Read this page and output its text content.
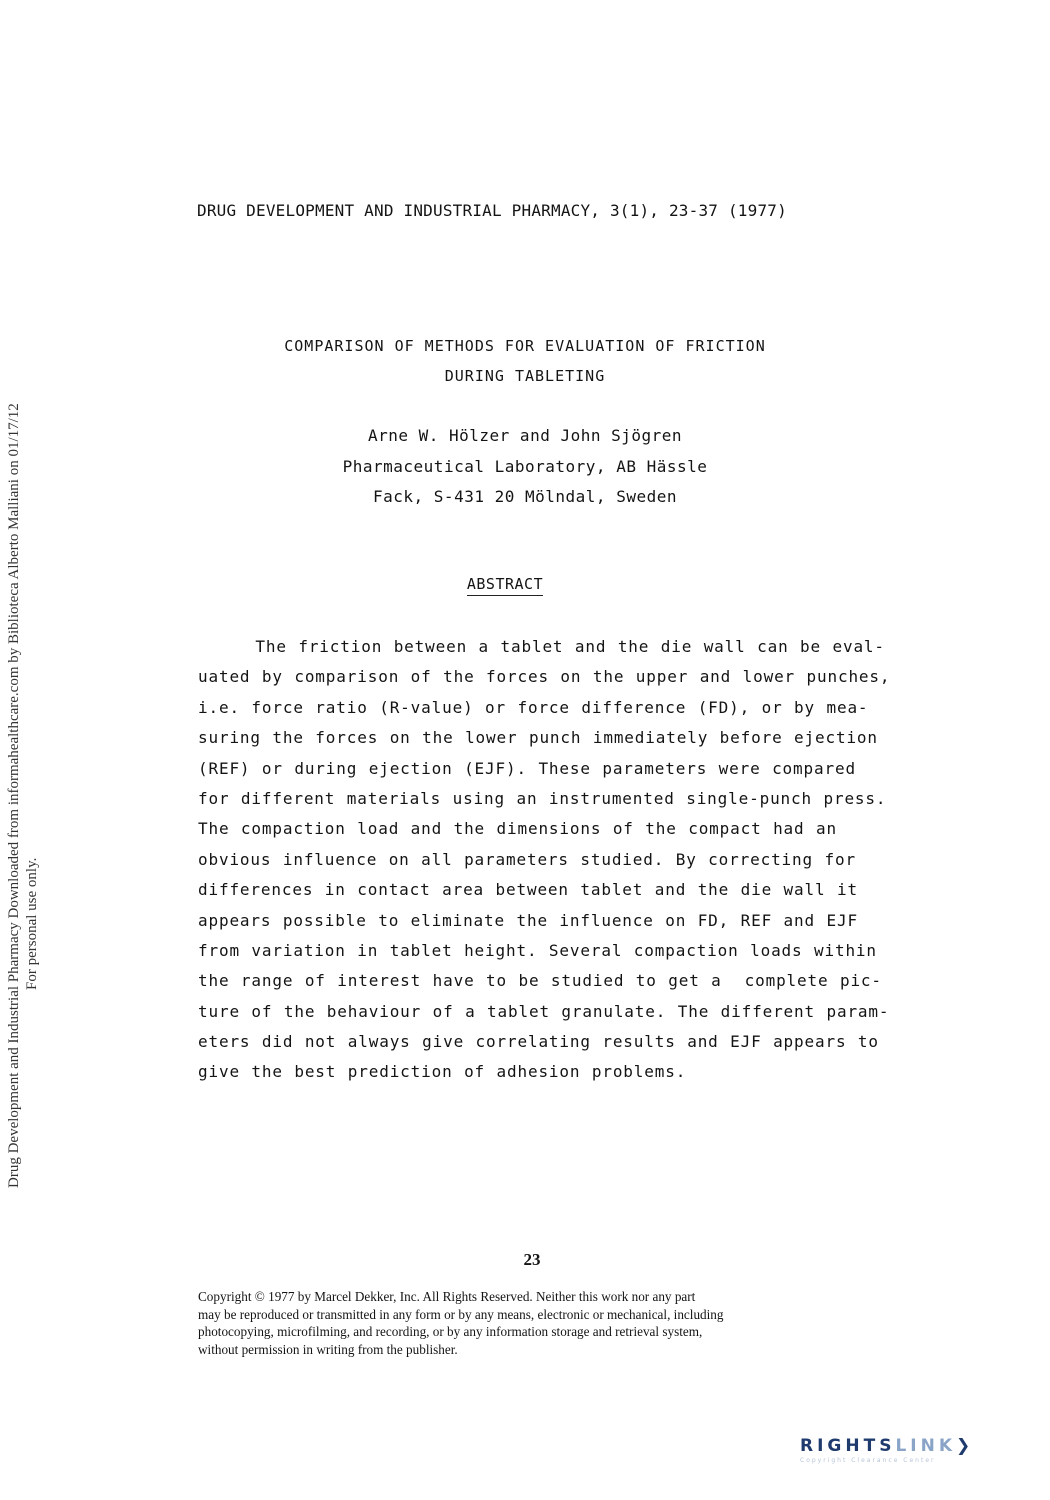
Drug Development and Industrial Pharmacy Downloaded from informahealthcare.com by Biblioteca Alberto Malliani on 01/17/12 For personal use only.
DRUG DEVELOPMENT AND INDUSTRIAL PHARMACY, 3(1), 23-37 (1977)
COMPARISON OF METHODS FOR EVALUATION OF FRICTION
DURING TABLETING
Arne W. Hölzer and John Sjögren
Pharmaceutical Laboratory, AB Hässle
Fack, S-431 20 Mölndal, Sweden
ABSTRACT
The friction between a tablet and the die wall can be eval-
uated by comparison of the forces on the upper and lower punches,
i.e. force ratio (R-value) or force difference (FD), or by mea-
suring the forces on the lower punch immediately before ejection
(REF) or during ejection (EJF). These parameters were compared
for different materials using an instrumented single-punch press.
The compaction load and the dimensions of the compact had an
obvious influence on all parameters studied. By correcting for
differences in contact area between tablet and the die wall it
appears possible to eliminate the influence on FD, REF and EJF
from variation in tablet height. Several compaction loads within
the range of interest have to be studied to get a  complete pic-
ture of the behaviour of a tablet granulate. The different param-
eters did not always give correlating results and EJF appears to
give the best prediction of adhesion problems.
23
Copyright © 1977 by Marcel Dekker, Inc. All Rights Reserved. Neither this work nor any part
may be reproduced or transmitted in any form or by any means, electronic or mechanical, including
photocopying, microfilming, and recording, or by any information storage and retrieval system,
without permission in writing from the publisher.
RIGHTSLINK❯
Copyright Clearance Center
